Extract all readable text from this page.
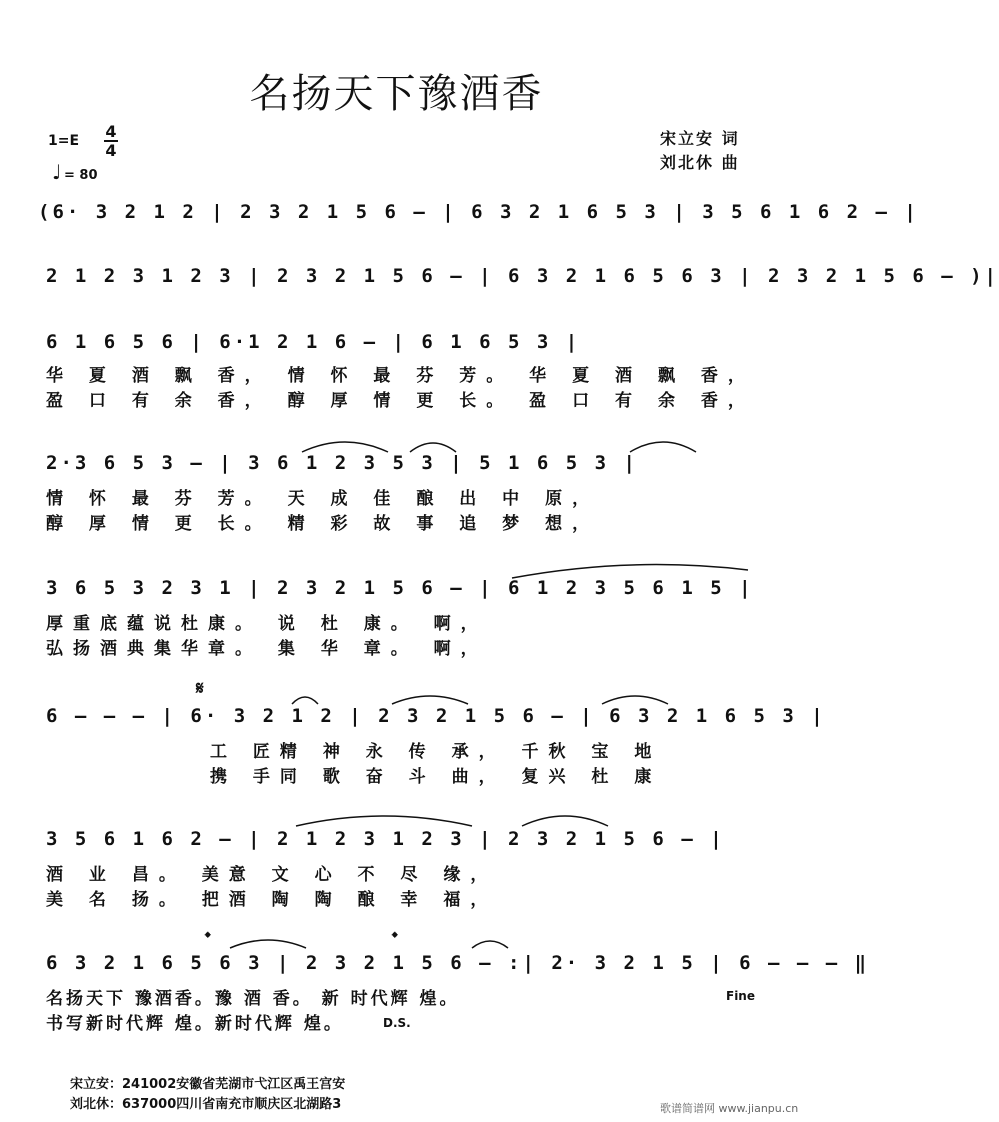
名扬天下豫酒香
1=E 4
4
♩ = 80
宋立安 词
刘北休 曲
(6· 3 2 1 2 | 2 3 2 1 5 6 – | 6 3 2 1 6 5 3 | 3 5 6 1 6 2 – |
2 1 2 3 1 2 3 | 2 3 2 1 5 6 – | 6 3 2 1 6 5 6 3 | 2 3 2 1 5 6 – )|
6 1 6 5 6 | 6·1 2 1 6 – | 6 1 6 5 3 |
华 夏 酒 飘 香， 情 怀 最 芬 芳。 华 夏 酒 飘 香，
盈 口 有 余 香， 醇 厚 情 更 长。 盈 口 有 余 香，
2·3 6 5 3 – | 3 6 1 2 3 5 3 | 5 1 6 5 3 |
情 怀 最 芬 芳。 天 成 佳 酿 出 中 原，
醇 厚 情 更 长。 精 彩 故 事 追 梦 想，
3 6 5 3 2 3 1 | 2 3 2 1 5 6 – | 6 1 2 3 5 6 1 5 |
厚重底蕴说杜康。 说 杜 康。 啊，
弘扬酒典集华章。 集 华 章。 啊，
𝄋
6 – – – | 6· 3 2 1 2 | 2 3 2 1 5 6 – | 6 3 2 1 6 5 3 |
工 匠精 神 永 传 承， 千秋 宝 地
携 手同 歌 奋 斗 曲， 复兴 杜 康
3 5 6 1 6 2 – | 2 1 2 3 1 2 3 | 2 3 2 1 5 6 – |
酒 业 昌。 美意 文 心 不 尽 缘，
美 名 扬。 把酒 陶 陶 酿 幸 福，
𝄌	𝄌
6 3 2 1 6 5 6 3 | 2 3 2 1 5 6 – :| 2· 3 2 1 5 | 6 – – – ‖
名扬天下 豫酒香。豫 酒 香。 新 时代辉 煌。	Fine
书写新时代辉 煌。新时代辉 煌。	D.S.
宋立安：241002安徽省芜湖市弋江区禹王宫安
刘北休：637000四川省南充市顺庆区北湖路3	歌谱简谱网 www.jianpu.cn
